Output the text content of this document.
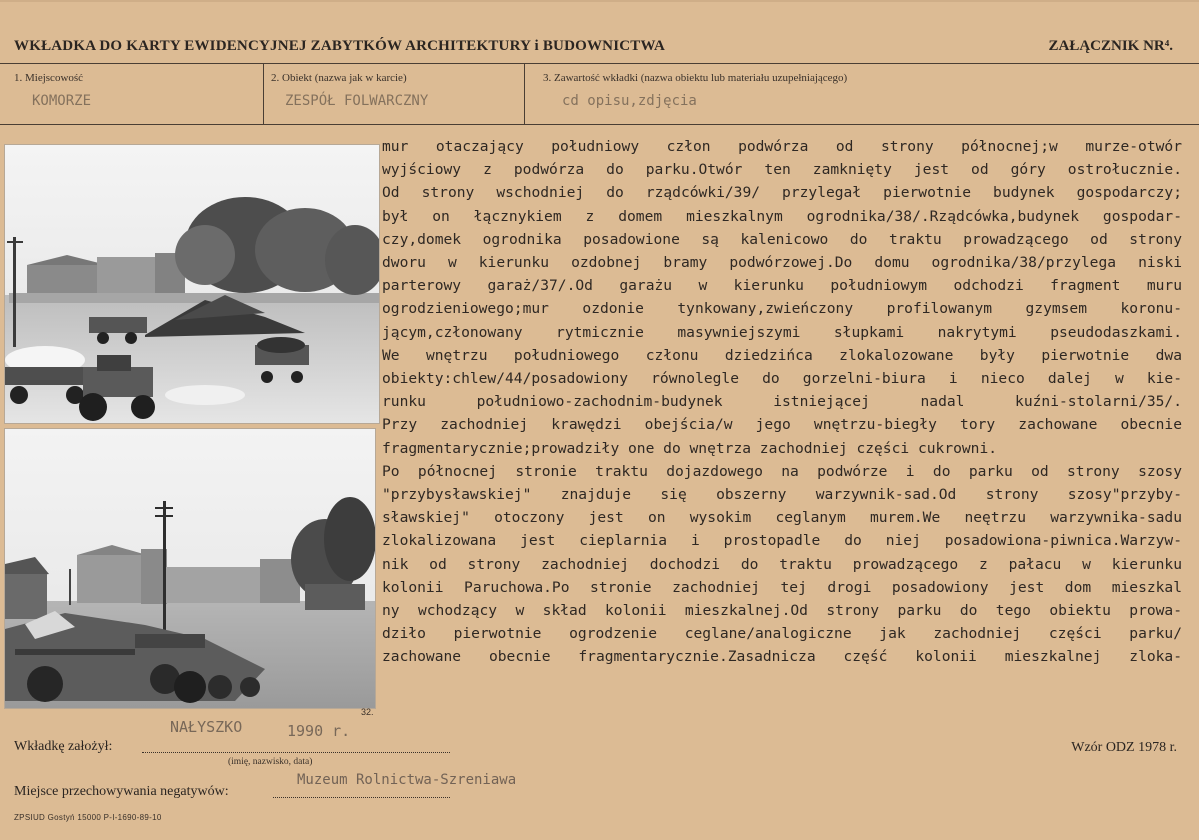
WKŁADKA DO KARTY EWIDENCYJNEJ ZABYTKÓW ARCHITEKTURY i BUDOWNICTWA	ZAŁĄCZNIK NR⁴.
1. Miejscowość	2. Obiekt (nazwa jak w karcie)	3. Zawartość wkładki (nazwa obiektu lub materiału uzupełniającego)
KOMORZE	ZESPÓŁ FOLWARCZNY	cd opisu,zdjęcia
mur otaczający południowy człon podwórza od strony północnej;w murze-otwór
wyjściowy z podwórza do parku.Otwór ten zamknięty jest od góry ostrołucznie.
Od strony wschodniej do rządcówki/39/ przylegał pierwotnie budynek gospodarczy;
był on łącznykiem z domem mieszkalnym ogrodnika/38/.Rządcówka,budynek gospodar-
czy,domek ogrodnika posadowione są kalenicowo do traktu prowadzącego od strony
dworu w kierunku ozdobnej bramy podwórzowej.Do domu ogrodnika/38/przylega niski
parterowy garaż/37/.Od garażu w kierunku południowym odchodzi fragment muru
ogrodzieniowego;mur ozdonie tynkowany,zwieńczony profilowanym gzymsem koronu-
jącym,członowany rytmicznie masywniejszymi słupkami nakrytymi pseudodaszkami.
We wnętrzu południowego członu dziedzińca zlokalozowane były pierwotnie dwa
obiekty:chlew/44/posadowiony równolegle do gorzelni-biura i nieco dalej w kie-
runku południowo-zachodnim-budynek istniejącej nadal kuźni-stolarni/35/.
Przy zachodniej krawędzi obejścia/w jego wnętrzu-biegły tory zachowane obecnie
fragmentarycznie;prowadziły one do wnętrza zachodniej części cukrowni.
Po północnej stronie traktu dojazdowego na podwórze i do parku od strony szosy
"przybysławskiej" znajduje się obszerny warzywnik-sad.Od strony szosy"przyby-
sławskiej" otoczony jest on wysokim ceglanym murem.We neętrzu warzywnika-sadu
zlokalizowana jest cieplarnia i prostopadle do niej posadowiona-piwnica.Warzyw-
nik od strony zachodniej dochodzi do traktu prowadzącego z pałacu w kierunku
kolonii Paruchowa.Po stronie zachodniej tej drogi posadowiony jest dom mieszkal
ny wchodzący w skład kolonii mieszkalnej.Od strony parku do tego obiektu prowa-
dziło pierwotnie ogrodzenie ceglane/analogiczne jak zachodniej części parku/
zachowane obecnie fragmentarycznie.Zasadnicza część kolonii mieszkalnej zloka-
32.
NAŁYSZKO	1990 r.
Wkładkę założył:
(imię, nazwisko, data)
Wzór ODZ 1978 r.
Miejsce przechowywania negatywów:
Muzeum Rolnictwa-Szreniawa
ZPSIUD Gostyń 15000 P-I-1690-89-10
